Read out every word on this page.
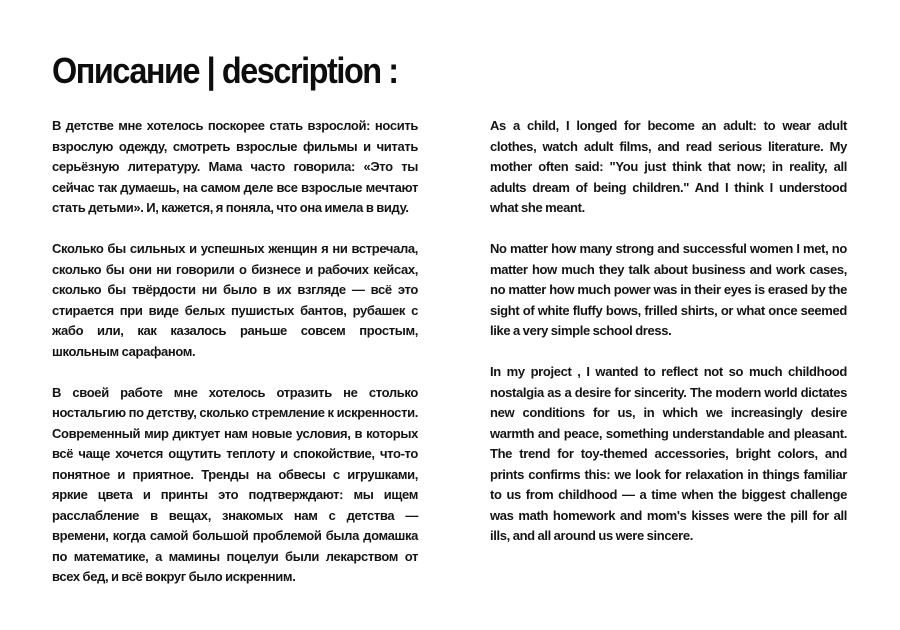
Описание | description :

В детстве мне хотелось поскорее стать взрослой: носить взрослую одежду, смотреть взрослые фильмы и читать серьёзную литературу. Мама часто говорила: «Это ты сейчас так думаешь, на самом деле все взрослые мечтают стать детьми». И, кажется, я поняла, что она имела в виду.

Сколько бы сильных и успешных женщин я ни встречала, сколько бы они ни говорили о бизнесе и рабочих кейсах, сколько бы твёрдости ни было в их взгляде — всё это стирается при виде белых пушистых бантов, рубашек с жабо или, как казалось раньше совсем простым, школьным сарафаном.

В своей работе мне хотелось отразить не столько ностальгию по детству, сколько стремление к искренности. Современный мир диктует нам новые условия, в которых всё чаще хочется ощутить теплоту и спокойствие, что-то понятное и приятное. Тренды на обвесы с игрушками, яркие цвета и принты это подтверждают: мы ищем расслабление в вещах, знакомых нам с детства — времени, когда самой большой проблемой была домашка по математике, а мамины поцелуи были лекарством от всех бед, и всё вокруг было искренним.

As a child, I longed for become an adult: to wear adult clothes, watch adult films, and read serious literature. My mother often said: "You just think that now; in reality, all adults dream of being children." And I think I understood what she meant.

No matter how many strong and successful women I met, no matter how much they talk about business and work cases, no matter how much power was in their eyes is erased by the sight of white fluffy bows, frilled shirts, or what once seemed like a very simple school dress.

In my project , I wanted to reflect not so much childhood nostalgia as a desire for sincerity. The modern world dictates new conditions for us, in which we increasingly desire warmth and peace, something understandable and pleasant. The trend for toy-themed accessories, bright colors, and prints confirms this: we look for relaxation in things familiar to us from childhood — a time when the biggest challenge was math homework and mom's kisses were the pill for all ills, and all around us were sincere.
